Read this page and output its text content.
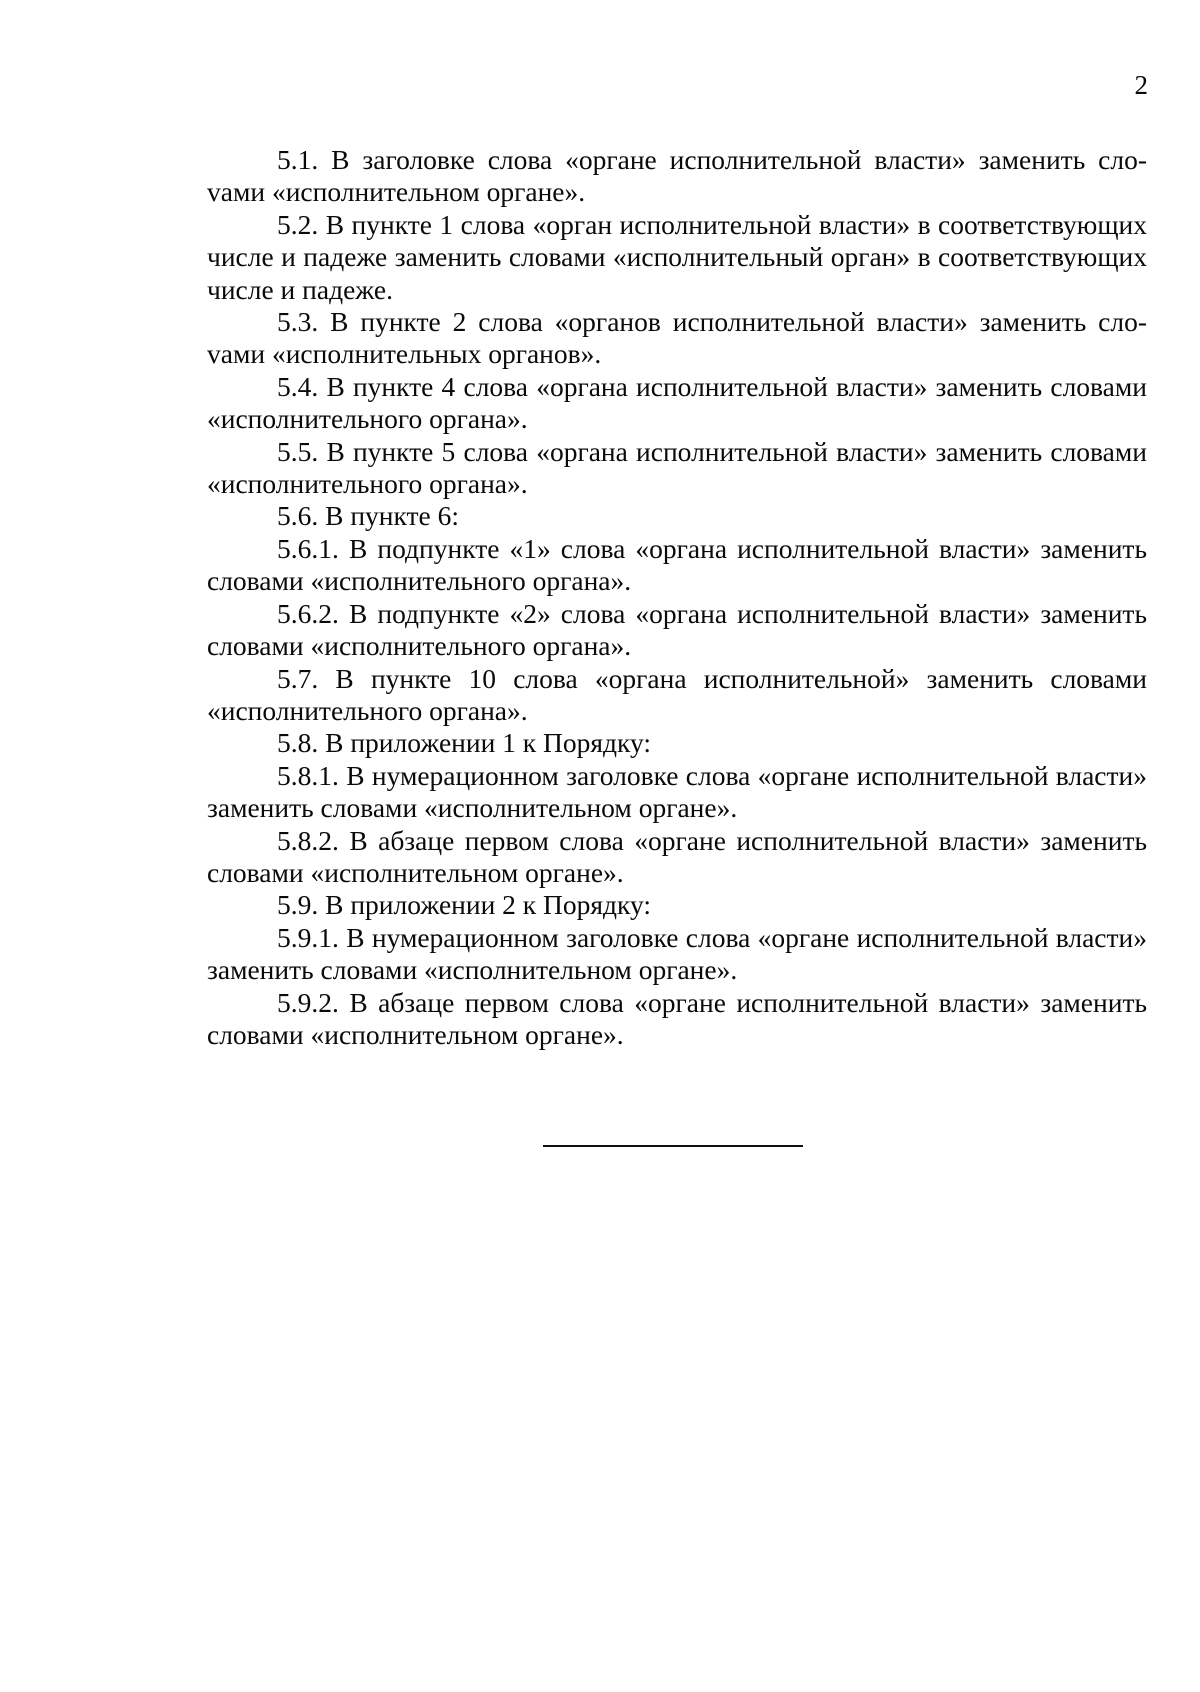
2

5.1. В заголовке слова «органе исполнительной власти» заменить слоvами «исполнительном органе».

5.2. В пункте 1 слова «орган исполнительной власти» в соответствующих числе и падеже заменить словами «исполнительный орган» в соответствующих числе и падеже.

5.3. В пункте 2 слова «органов исполнительной власти» заменить слоvами «исполнительных органов».

5.4. В пункте 4 слова «органа исполнительной власти» заменить словами «исполнительного органа».

5.5. В пункте 5 слова «органа исполнительной власти» заменить словами «исполнительного органа».

5.6. В пункте 6:

5.6.1. В подпункте «1» слова «органа исполнительной власти» заменить словами «исполнительного органа».

5.6.2. В подпункте «2» слова «органа исполнительной власти» заменить словами «исполнительного органа».

5.7. В пункте 10 слова «органа исполнительной» заменить словами «исполнительного органа».

5.8. В приложении 1 к Порядку:

5.8.1. В нумерационном заголовке слова «органе исполнительной власти» заменить словами «исполнительном органе».

5.8.2. В абзаце первом слова «органе исполнительной власти» заменить словами «исполнительном органе».

5.9. В приложении 2 к Порядку:

5.9.1. В нумерационном заголовке слова «органе исполнительной власти» заменить словами «исполнительном органе».

5.9.2. В абзаце первом слова «органе исполнительной власти» заменить словами «исполнительном органе».
